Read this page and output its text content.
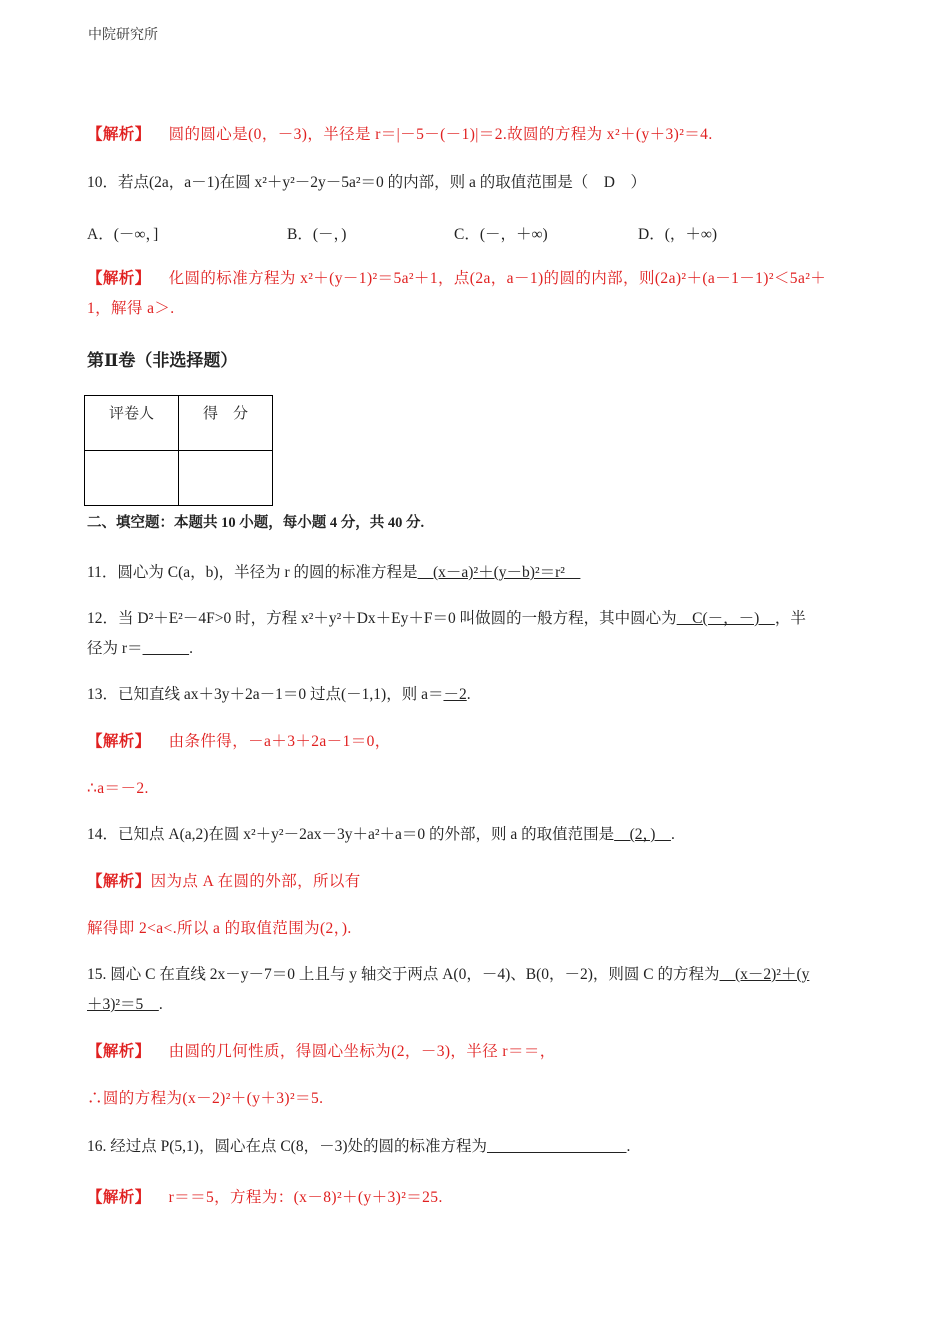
中院研究所
【解析】 圆的圆心是(0，－3)，半径是 r＝|－5－(－1)|＝2.故圆的方程为 x²＋(y＋3)²＝4.
10．若点(2a，a－1)在圆 x²＋y²－2y－5a²＝0 的内部，则 a 的取值范围是（　D　）
A．(－∞，]	B．(－，)	C．(－，＋∞)	D．(，＋∞)
【解析】 化圆的标准方程为 x²＋(y－1)²＝5a²＋1，点(2a，a－1)的圆的内部，则(2a)²＋(a－1－1)²＜5a²＋
1，解得 a＞.
第Ⅱ卷（非选择题）
评卷人	得　分

二、填空题：本题共 10 小题，每小题 4 分，共 40 分.
11．圆心为 C(a，b)，半径为 r 的圆的标准方程是　(x－a)²＋(y－b)²＝r²　
12．当 D²＋E²－4F>0 时，方程 x²＋y²＋Dx＋Ey＋F＝0 叫做圆的一般方程，其中圆心为　C(－，－)　，半
径为 r＝　　　	.
13．已知直线 ax＋3y＋2a－1＝0 过点(－1,1)，则 a＝－2.
【解析】 由条件得，－a＋3＋2a－1＝0，
∴a＝－2.
14．已知点 A(a,2)在圆 x²＋y²－2ax－3y＋a²＋a＝0 的外部，则 a 的取值范围是　(2，)　.
【解析】因为点 A 在圆的外部，所以有
解得即 2<a<.所以 a 的取值范围为(2，).
15. 圆心 C 在直线 2x－y－7＝0 上且与 y 轴交于两点 A(0，－4)、B(0，－2)，则圆 C 的方程为　(x－2)²＋(y
＋3)²＝5　.
【解析】 由圆的几何性质，得圆心坐标为(2，－3)，半径 r＝＝，
∴圆的方程为(x－2)²＋(y＋3)²＝5.
16. 经过点 P(5,1)，圆心在点 C(8，－3)处的圆的标准方程为　　　　　　　　　	.
【解析】 r＝＝5，方程为：(x－8)²＋(y＋3)²＝25.
